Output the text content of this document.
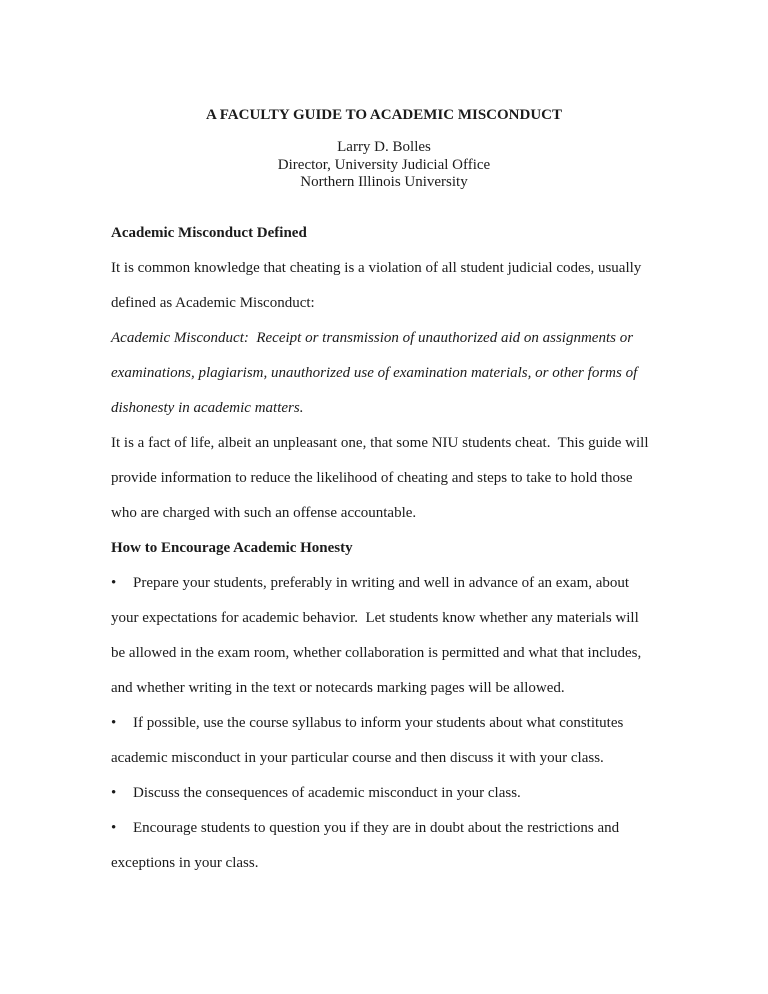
A FACULTY GUIDE TO ACADEMIC MISCONDUCT
Larry D. Bolles
Director, University Judicial Office
Northern Illinois University
Academic Misconduct Defined
It is common knowledge that cheating is a violation of all student judicial codes, usually
defined as Academic Misconduct:
Academic Misconduct:  Receipt or transmission of unauthorized aid on assignments or
examinations, plagiarism, unauthorized use of examination materials, or other forms of
dishonesty in academic matters.
It is a fact of life, albeit an unpleasant one, that some NIU students cheat.  This guide will
provide information to reduce the likelihood of cheating and steps to take to hold those
who are charged with such an offense accountable.
How to Encourage Academic Honesty
• Prepare your students, preferably in writing and well in advance of an exam, about
your expectations for academic behavior.  Let students know whether any materials will
be allowed in the exam room, whether collaboration is permitted and what that includes,
and whether writing in the text or notecards marking pages will be allowed.
• If possible, use the course syllabus to inform your students about what constitutes
academic misconduct in your particular course and then discuss it with your class.
• Discuss the consequences of academic misconduct in your class.
• Encourage students to question you if they are in doubt about the restrictions and
exceptions in your class.
